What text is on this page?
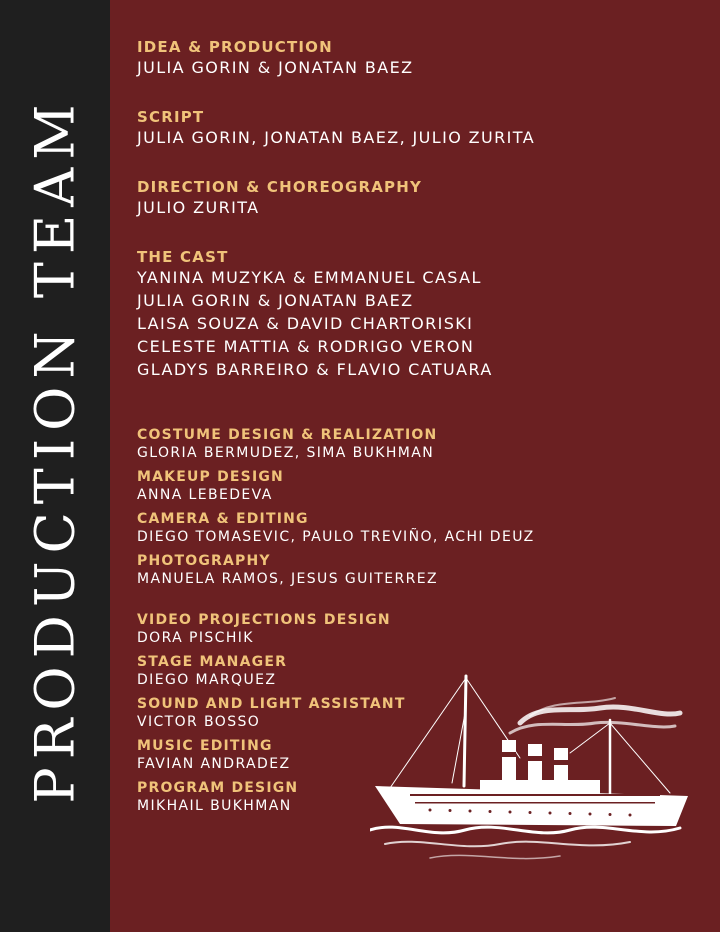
PRODUCTION TEAM
IDEA & PRODUCTION
JULIA GORIN & JONATAN BAEZ
SCRIPT
JULIA GORIN, JONATAN BAEZ, JULIO ZURITA
DIRECTION & CHOREOGRAPHY
JULIO ZURITA
THE CAST
YANINA MUZYKA & EMMANUEL CASAL
JULIA GORIN & JONATAN BAEZ
LAISA SOUZA & DAVID CHARTORISKI
CELESTE MATTIA & RODRIGO VERON
GLADYS BARREIRO & FLAVIO CATUARA
COSTUME DESIGN & REALIZATION
GLORIA BERMUDEZ, SIMA BUKHMAN
MAKEUP DESIGN
ANNA LEBEDEVA
CAMERA & EDITING
DIEGO TOMASEVIC, PAULO TREVIÑO, ACHI DEUZ
PHOTOGRAPHY
MANUELA RAMOS, JESUS GUITERREZ
VIDEO PROJECTIONS DESIGN
DORA PISCHIK
STAGE MANAGER
DIEGO MARQUEZ
SOUND AND LIGHT ASSISTANT
VICTOR BOSSO
MUSIC EDITING
FAVIAN ANDRADEZ
PROGRAM DESIGN
MIKHAIL BUKHMAN
